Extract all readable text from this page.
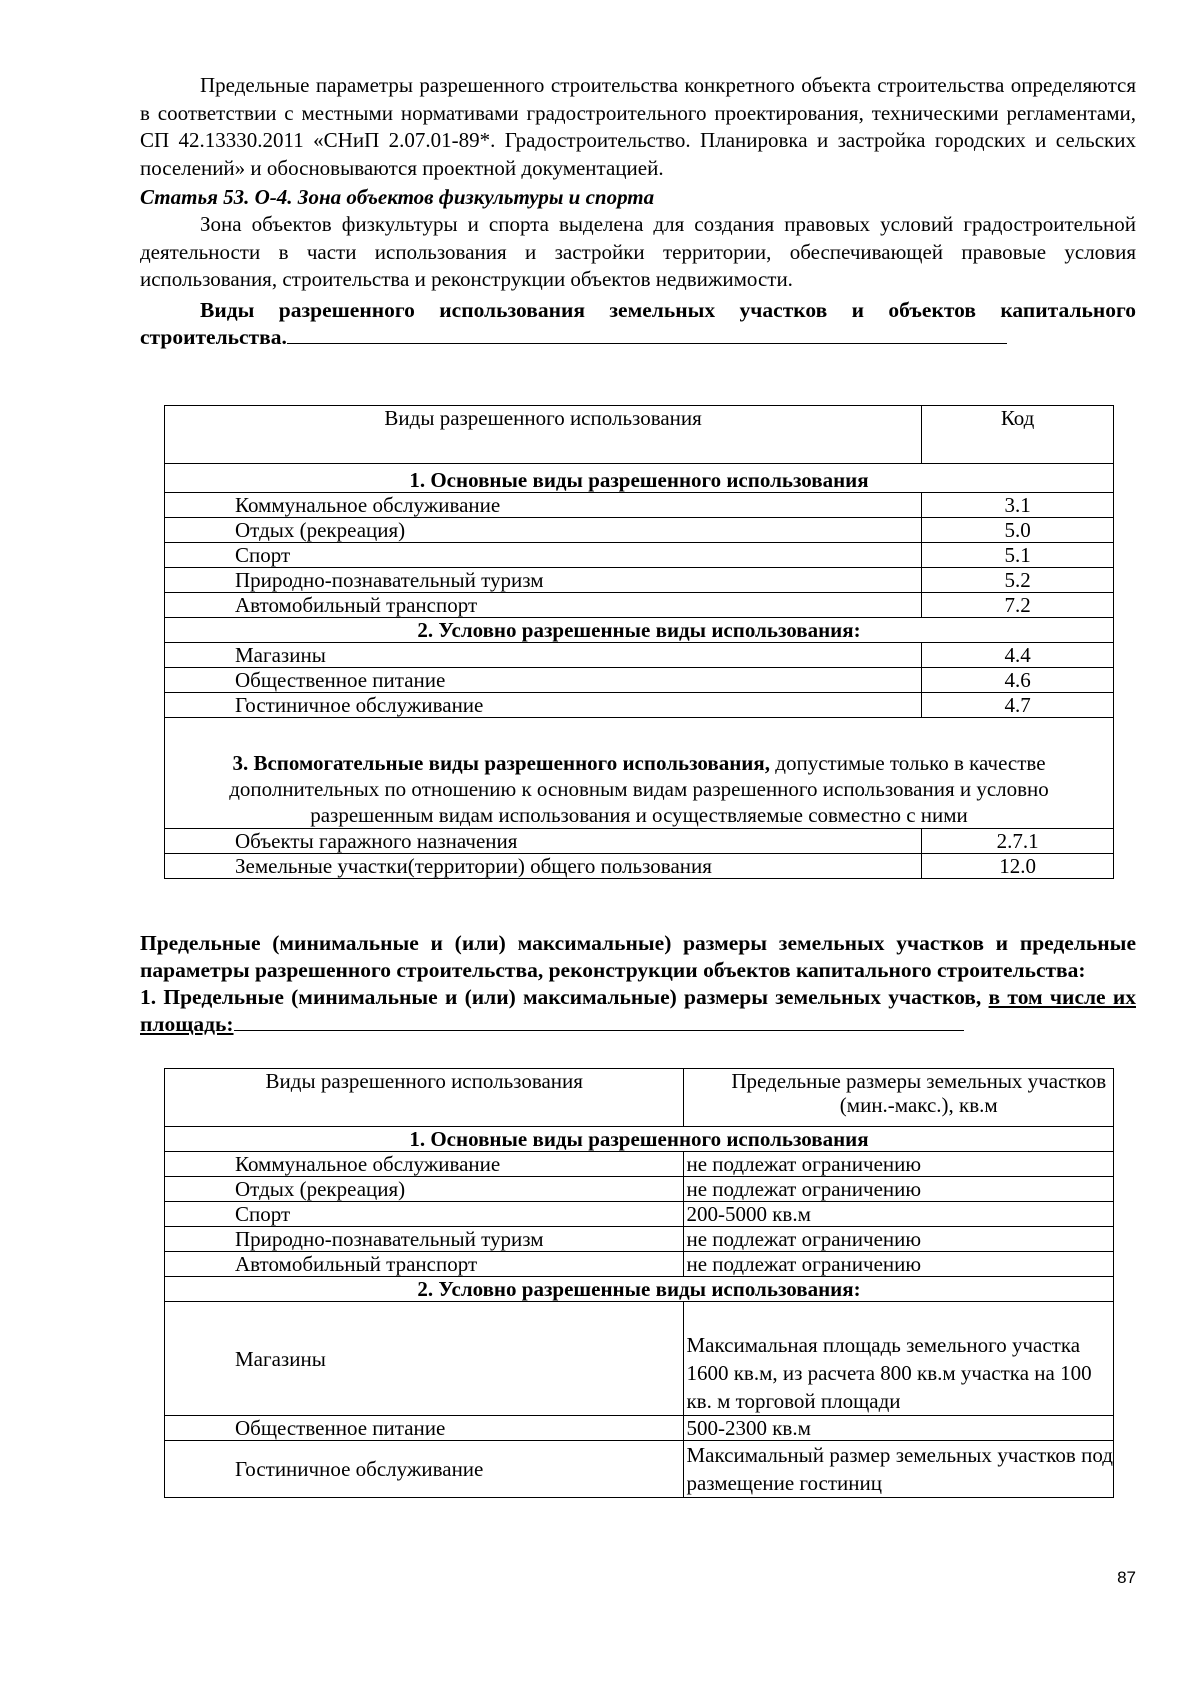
Предельные параметры разрешенного строительства конкретного объекта строительства определяются в соответствии с местными нормативами градостроительного проектирования, техническими регламентами, СП 42.13330.2011 «СНиП 2.07.01-89*. Градостроительство. Планировка и застройка городских и сельских поселений» и обосновываются проектной документацией.

Статья 53. О-4. Зона объектов физкультуры и спорта

Зона объектов физкультуры и спорта выделена для создания правовых условий градостроительной деятельности в части использования и застройки территории, обеспечивающей правовые условия использования, строительства и реконструкции объектов недвижимости.

Виды разрешенного использования земельных участков и объектов капитального строительства.

Виды разрешенного использования	Код
1. Основные виды разрешенного использования	
Коммунальное обслуживание	3.1
Отдых (рекреация)	5.0
Спорт	5.1
Природно-познавательный туризм	5.2
Автомобильный транспорт	7.2
2. Условно разрешенные виды использования:	
Магазины	4.4
Общественное питание	4.6
Гостиничное обслуживание	4.7
3. Вспомогательные виды разрешенного использования, допустимые только в качестве дополнительных по отношению к основным видам разрешенного использования и условно разрешенным видам использования и осуществляемые совместно с ними	
Объекты гаражного назначения	2.7.1
Земельные участки(территории) общего пользования	12.0

Предельные (минимальные и (или) максимальные) размеры земельных участков и предельные параметры разрешенного строительства, реконструкции объектов капитального строительства:

1. Предельные (минимальные и (или) максимальные) размеры земельных участков, в том числе их площадь:

Виды разрешенного использования	Предельные размеры земельных участков (мин.-макс.), кв.м
1. Основные виды разрешенного использования	
Коммунальное обслуживание	не подлежат ограничению
Отдых (рекреация)	не подлежат ограничению
Спорт	200-5000 кв.м
Природно-познавательный туризм	не подлежат ограничению
Автомобильный транспорт	не подлежат ограничению
2. Условно разрешенные виды использования:	
Магазины	Максимальная площадь земельного участка 1600 кв.м, из расчета 800 кв.м участка на 100 кв. м торговой площади
Общественное питание	500-2300 кв.м
Гостиничное обслуживание	Максимальный размер земельных участков под размещение гостиниц
87
